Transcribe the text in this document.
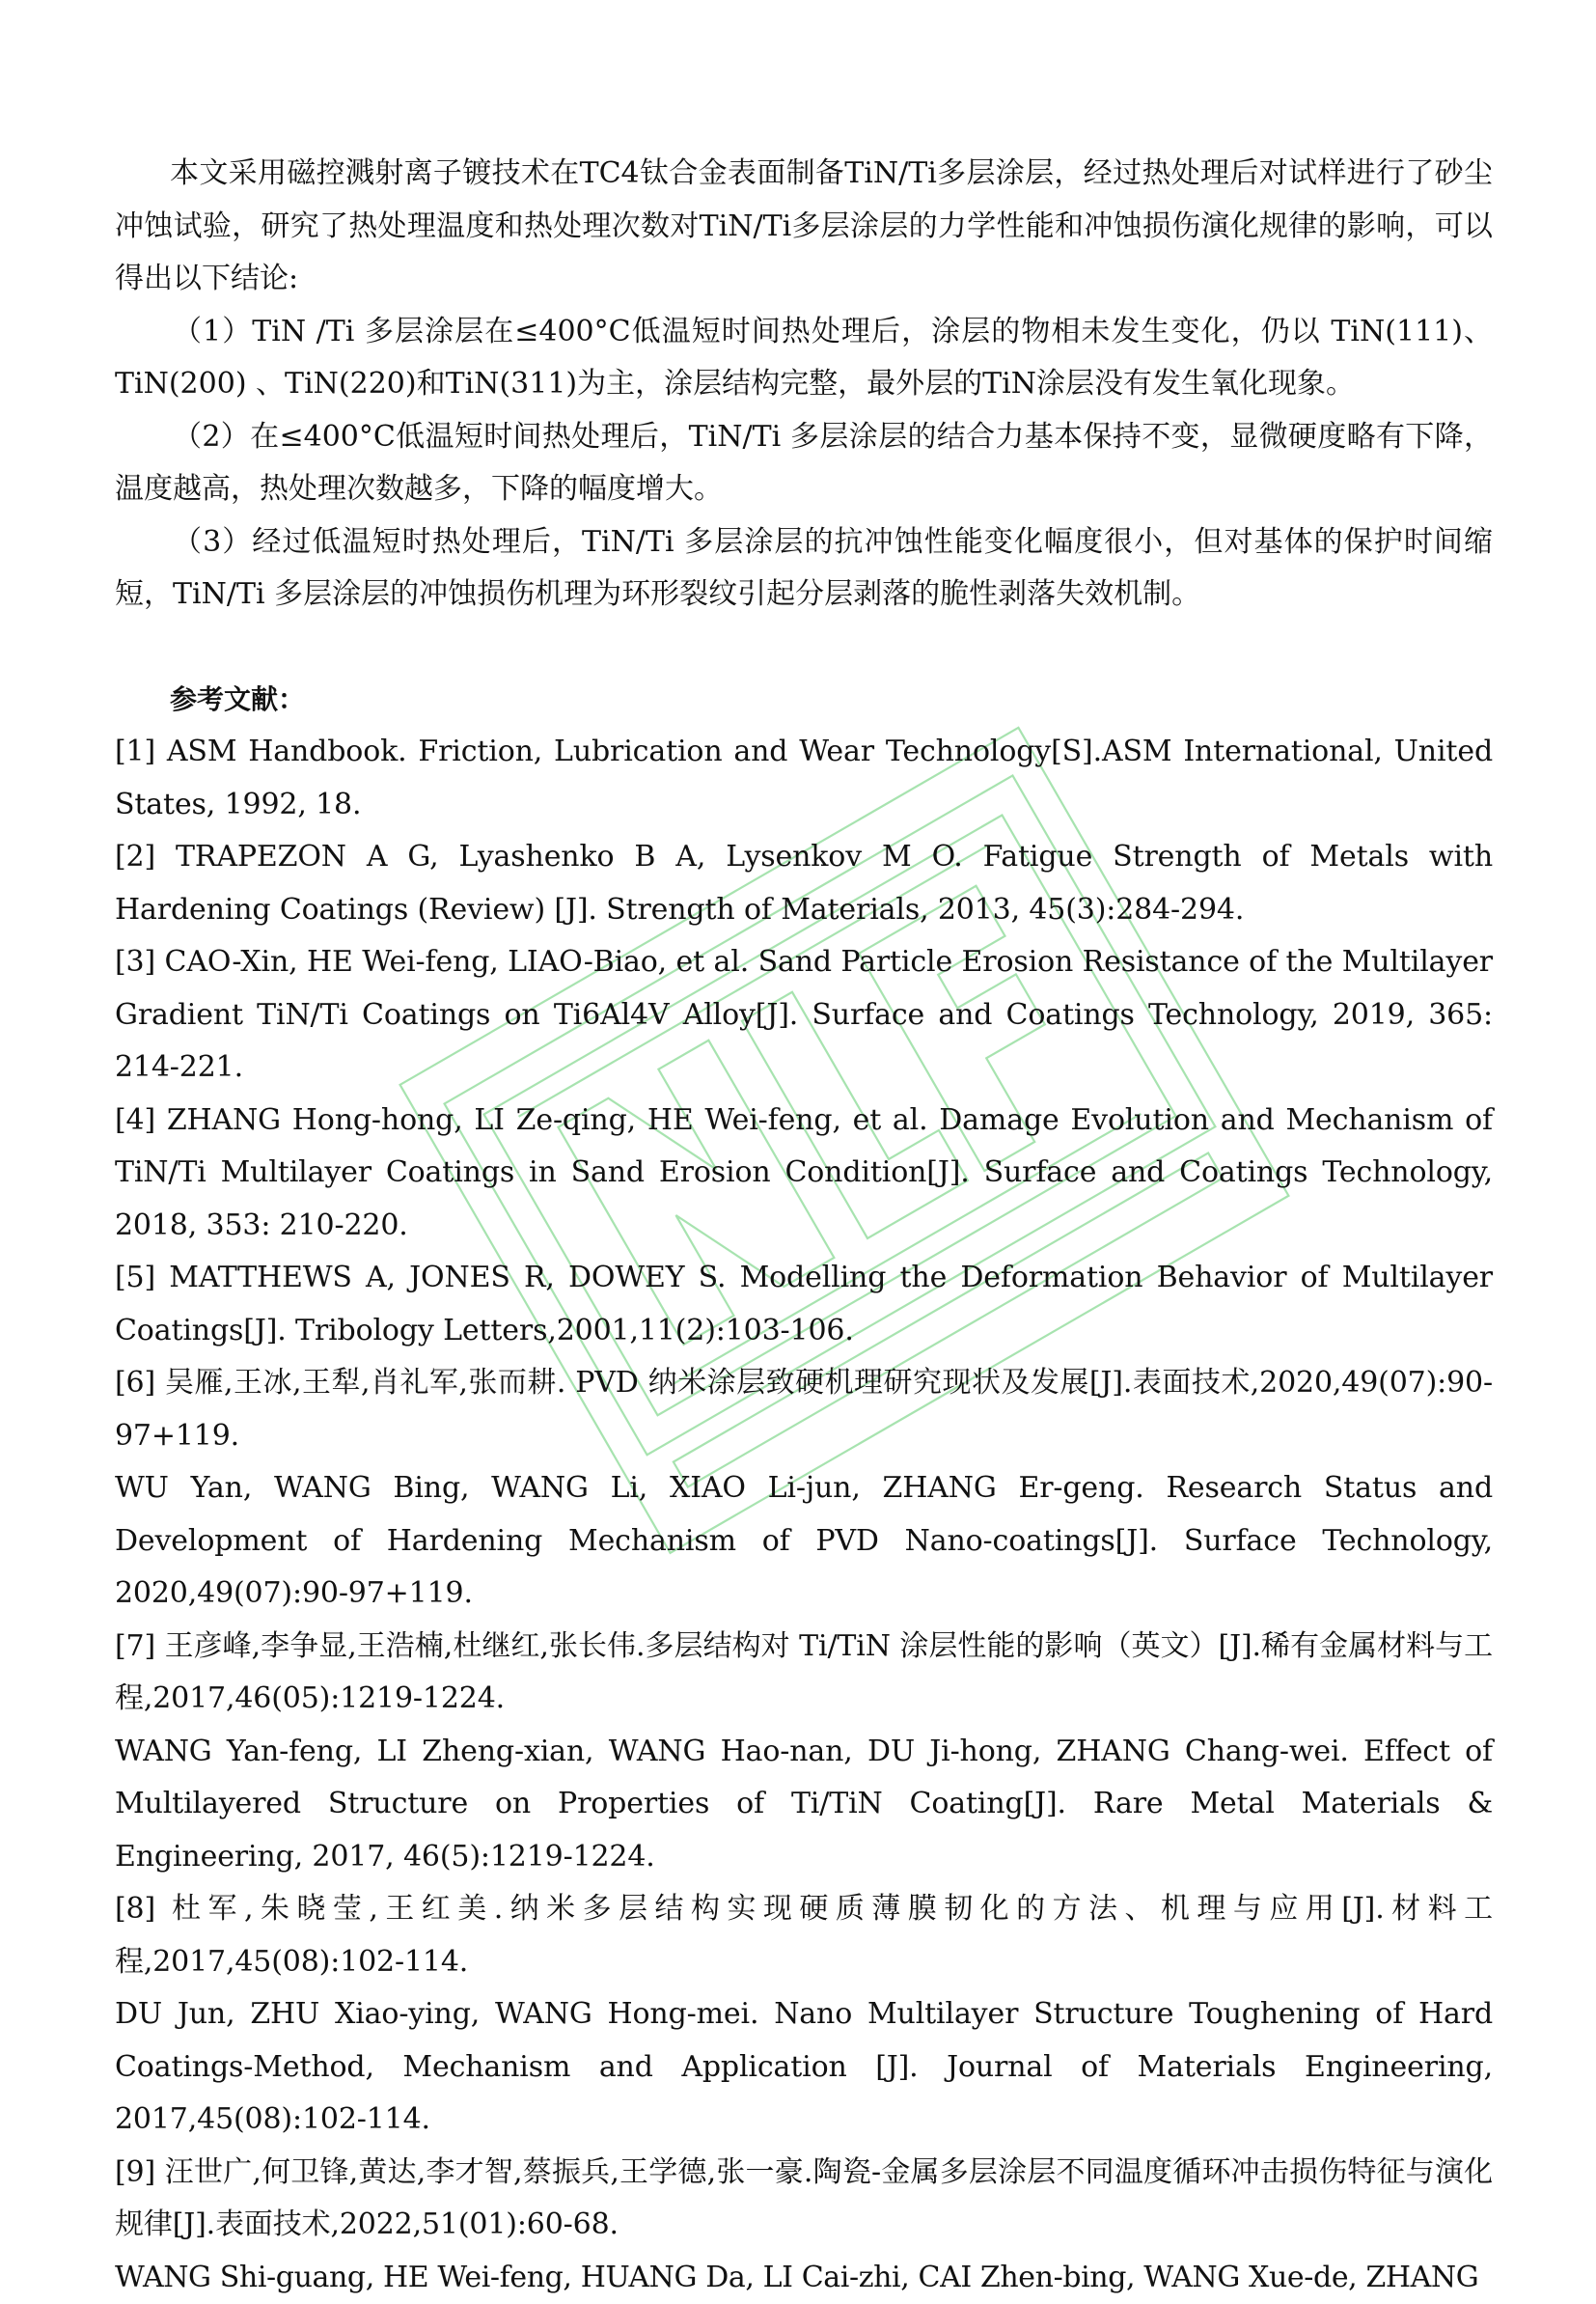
本文采用磁控溅射离子镀技术在TC4钛合金表面制备TiN/Ti多层涂层，经过热处理后对试样进行了砂尘冲蚀试验，研究了热处理温度和热处理次数对TiN/Ti多层涂层的力学性能和冲蚀损伤演化规律的影响，可以得出以下结论:

（1）TiN /Ti 多层涂层在≤400°C低温短时间热处理后，涂层的物相未发生变化，仍以 TiN(111)、TiN(200) 、TiN(220)和TiN(311)为主，涂层结构完整，最外层的TiN涂层没有发生氧化现象。

（2）在≤400°C低温短时间热处理后，TiN/Ti 多层涂层的结合力基本保持不变，显微硬度略有下降，温度越高，热处理次数越多，下降的幅度增大。

（3）经过低温短时热处理后，TiN/Ti 多层涂层的抗冲蚀性能变化幅度很小，但对基体的保护时间缩短，TiN/Ti 多层涂层的冲蚀损伤机理为环形裂纹引起分层剥落的脆性剥落失效机制。

参考文献：

[1] ASM Handbook. Friction, Lubrication and Wear Technology[S].ASM International, United States, 1992, 18.

[2] TRAPEZON A G, Lyashenko B A, Lysenkov M O. Fatigue Strength of Metals with Hardening Coatings (Review) [J]. Strength of Materials, 2013, 45(3):284-294.

[3] CAO-Xin, HE Wei-feng, LIAO-Biao, et al. Sand Particle Erosion Resistance of the Multilayer Gradient TiN/Ti Coatings on Ti6Al4V Alloy[J]. Surface and Coatings Technology, 2019, 365: 214-221.

[4] ZHANG Hong-hong, LI Ze-qing, HE Wei-feng, et al. Damage Evolution and Mechanism of TiN/Ti Multilayer Coatings in Sand Erosion Condition[J]. Surface and Coatings Technology, 2018, 353: 210-220.

[5] MATTHEWS A, JONES R, DOWEY S. Modelling the Deformation Behavior of Multilayer Coatings[J]. Tribology Letters,2001,11(2):103-106.

[6] 吴雁,王冰,王犁,肖礼军,张而耕. PVD 纳米涂层致硬机理研究现状及发展[J].表面技术,2020,49(07):90-97+119.

WU Yan, WANG Bing, WANG Li, XIAO Li-jun, ZHANG Er-geng. Research Status and Development of Hardening Mechanism of PVD Nano-coatings[J]. Surface Technology, 2020,49(07):90-97+119.

[7] 王彦峰,李争显,王浩楠,杜继红,张长伟.多层结构对 Ti/TiN 涂层性能的影响（英文）[J].稀有金属材料与工程,2017,46(05):1219-1224.

WANG Yan-feng, LI Zheng-xian, WANG Hao-nan, DU Ji-hong, ZHANG Chang-wei. Effect of Multilayered Structure on Properties of Ti/TiN Coating[J]. Rare Metal Materials & Engineering, 2017, 46(5):1219-1224.

[8] 杜军,朱晓莹,王红美.纳米多层结构实现硬质薄膜韧化的方法、机理与应用[J].材料工程,2017,45(08):102-114.

DU Jun, ZHU Xiao-ying, WANG Hong-mei. Nano Multilayer Structure Toughening of Hard Coatings-Method, Mechanism and Application [J]. Journal of Materials Engineering, 2017,45(08):102-114.

[9] 汪世广,何卫锋,黄达,李才智,蔡振兵,王学德,张一豪.陶瓷-金属多层涂层不同温度循环冲击损伤特征与演化规律[J].表面技术,2022,51(01):60-68.

WANG Shi-guang, HE Wei-feng, HUANG Da, LI Cai-zhi, CAI Zhen-bing, WANG Xue-de, ZHANG
